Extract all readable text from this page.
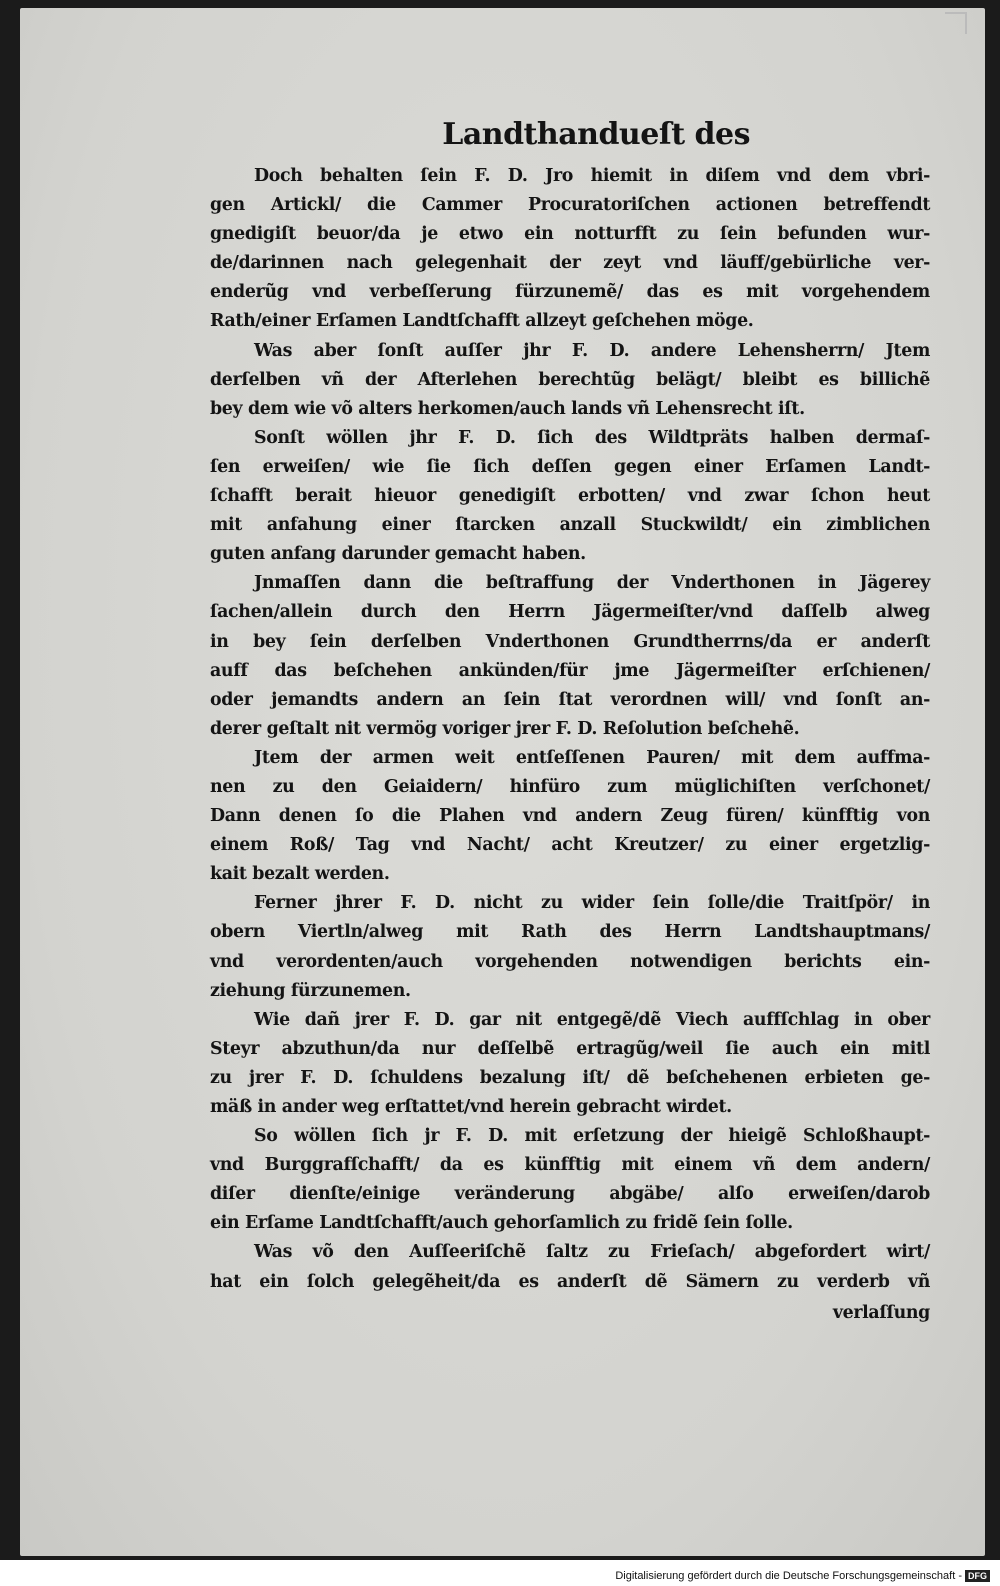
Landthandueſt des
Doch behalten ſein F. D. Jro hiemit in diſem vnd dem vbri-
gen Artickl/ die Cammer Procuratoriſchen actionen betreffendt
gnedigiſt beuor/da je etwo ein notturfft zu ſein befunden wur-
de/darinnen nach gelegenhait der zeyt vnd läuff/gebürliche ver-
enderũg vnd verbeſſerung fürzunemẽ/ das es mit vorgehendem
Rath/einer Erſamen Landtſchafft allzeyt geſchehen möge.
Was aber ſonſt auſſer jhr F. D. andere Lehensherrn/ Jtem
derſelben vñ der Afterlehen berechtũg belägt/ bleibt es billichẽ
bey dem wie võ alters herkomen/auch lands vñ Lehensrecht iſt.
Sonſt wöllen jhr F. D. ſich des Wildtpräts halben dermaſ-
ſen erweiſen/ wie ſie ſich deſſen gegen einer Erſamen Landt-
ſchafft berait hieuor genedigiſt erbotten/ vnd zwar ſchon heut
mit anfahung einer ſtarcken anzall Stuckwildt/ ein zimblichen
guten anfang darunder gemacht haben.
Jnmaſſen dann die beſtraffung der Vnderthonen in Jägerey
ſachen/allein durch den Herrn Jägermeiſter/vnd daſſelb alweg
in bey ſein derſelben Vnderthonen Grundtherrns/da er anderſt
auff das beſchehen ankünden/für jme Jägermeiſter erſchienen/
oder jemandts andern an ſein ſtat verordnen will/ vnd ſonſt an-
derer geſtalt nit vermög voriger jrer F. D. Reſolution beſchehẽ.
Jtem der armen weit entſeſſenen Pauren/ mit dem auffma-
nen zu den Geiaidern/ hinfüro zum müglichiſten verſchonet/
Dann denen ſo die Plahen vnd andern Zeug füren/ künfftig von
einem Roß/ Tag vnd Nacht/ acht Kreutzer/ zu einer ergetzlig-
kait bezalt werden.
Ferner jhrer F. D. nicht zu wider ſein ſolle/die Traitſpör/ in
obern Viertln/alweg mit Rath des Herrn Landtshauptmans/
vnd verordenten/auch vorgehenden notwendigen berichts ein-
ziehung fürzunemen.
Wie dañ jrer F. D. gar nit entgegẽ/dẽ Viech auffſchlag in ober
Steyr abzuthun/da nur deſſelbẽ ertragũg/weil ſie auch ein mitl
zu jrer F. D. ſchuldens bezalung iſt/ dẽ beſchehenen erbieten ge-
mäß in ander weg erſtattet/vnd herein gebracht wirdet.
So wöllen ſich jr F. D. mit erſetzung der hieigẽ Schloßhaupt-
vnd Burggrafſchafft/ da es künfftig mit einem vñ dem andern/
diſer dienſte/einige veränderung abgäbe/ alſo erweiſen/darob
ein Erſame Landtſchafft/auch gehorſamlich zu fridẽ ſein ſolle.
Was võ den Auſſeeriſchẽ ſaltz zu Frieſach/ abgefordert wirt/
hat ein ſolch gelegẽheit/da es anderſt dẽ Sämern zu verderb vñ
verlaſſung
Digitalisierung gefördert durch die Deutsche Forschungsgemeinschaft - DFG
